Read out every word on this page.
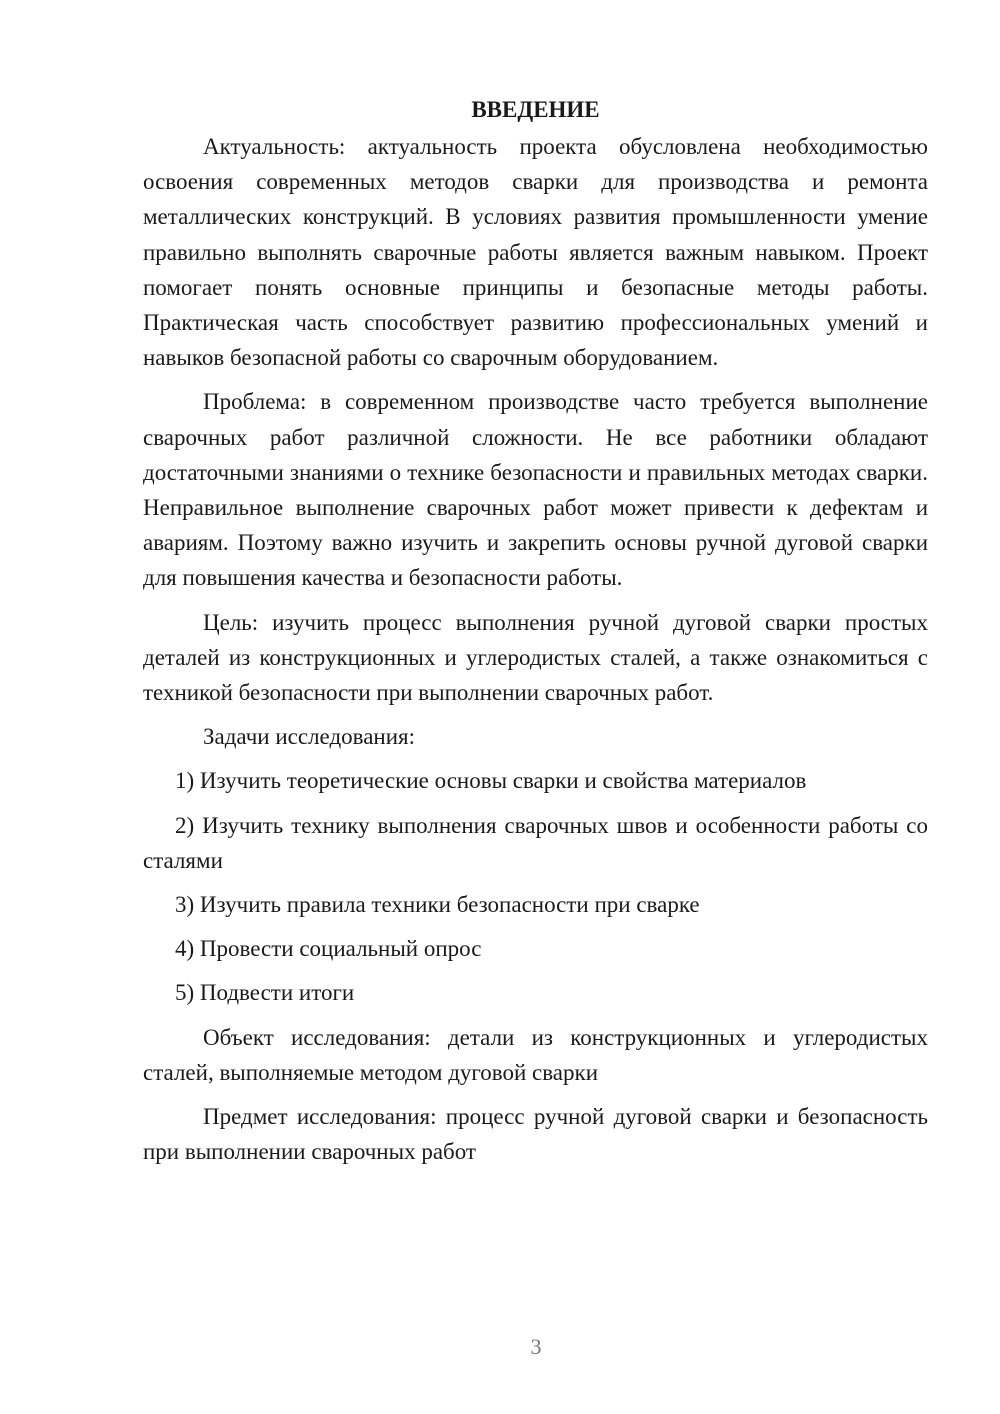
ВВЕДЕНИЕ

Актуальность: актуальность проекта обусловлена необходимостью освоения современных методов сварки для производства и ремонта металлических конструкций. В условиях развития промышленности умение правильно выполнять сварочные работы является важным навыком. Проект помогает понять основные принципы и безопасные методы работы. Практическая часть способствует развитию профессиональных умений и навыков безопасной работы со сварочным оборудованием.

Проблема: в современном производстве часто требуется выполнение сварочных работ различной сложности. Не все работники обладают достаточными знаниями о технике безопасности и правильных методах сварки. Неправильное выполнение сварочных работ может привести к дефектам и авариям. Поэтому важно изучить и закрепить основы ручной дуговой сварки для повышения качества и безопасности работы.

Цель: изучить процесс выполнения ручной дуговой сварки простых деталей из конструкционных и углеродистых сталей, а также ознакомиться с техникой безопасности при выполнении сварочных работ.

Задачи исследования:

1) Изучить теоретические основы сварки и свойства материалов

2) Изучить технику выполнения сварочных швов и особенности работы со сталями

3) Изучить правила техники безопасности при сварке

4) Провести социальный опрос

5) Подвести итоги

Объект исследования: детали из конструкционных и углеродистых сталей, выполняемые методом дуговой сварки

Предмет исследования: процесс ручной дуговой сварки и безопасность при выполнении сварочных работ

3
